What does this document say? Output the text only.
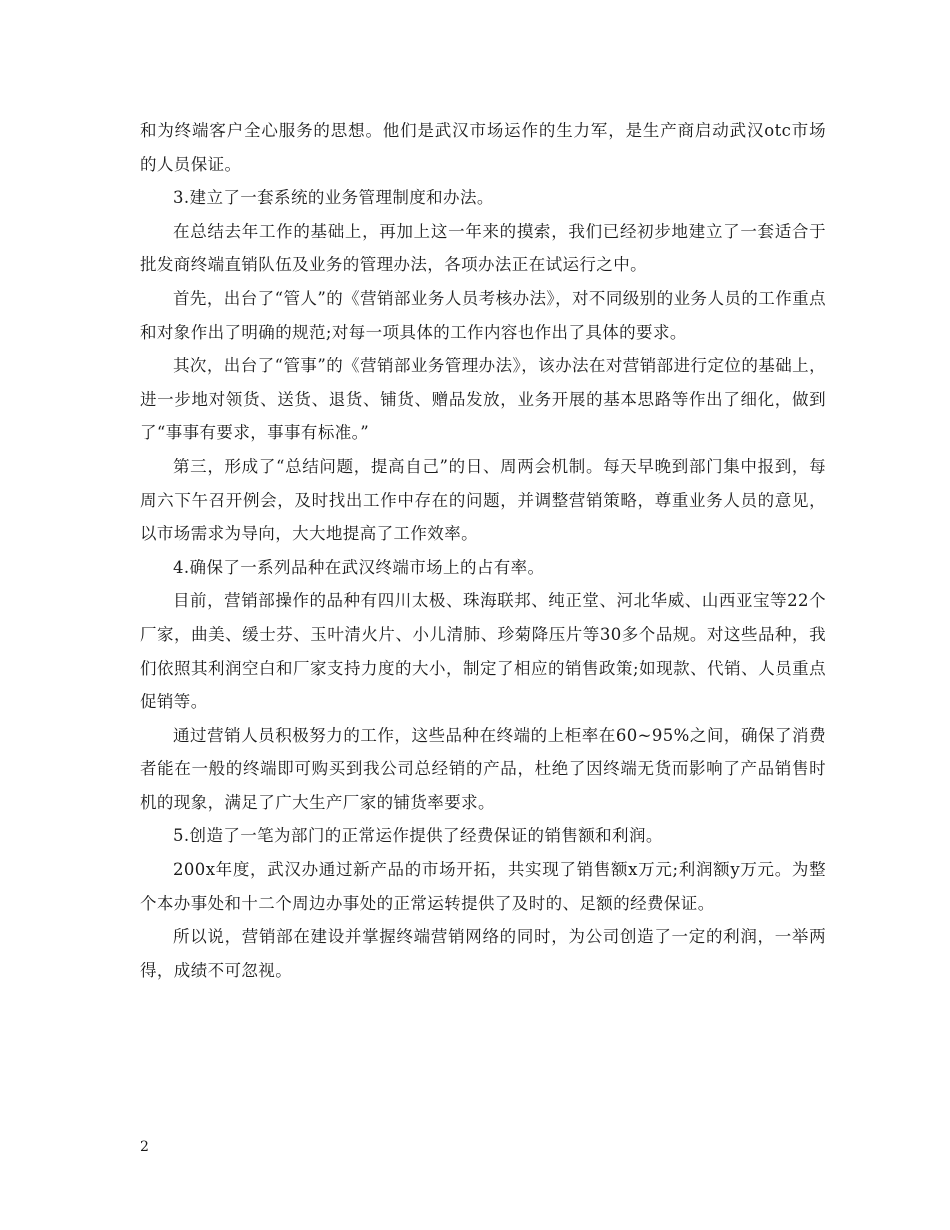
和为终端客户全心服务的思想。他们是武汉市场运作的生力军，是生产商启动武汉otc市场的人员保证。

3.建立了一套系统的业务管理制度和办法。

在总结去年工作的基础上，再加上这一年来的摸索，我们已经初步地建立了一套适合于批发商终端直销队伍及业务的管理办法，各项办法正在试运行之中。

首先，出台了“管人”的《营销部业务人员考核办法》，对不同级别的业务人员的工作重点和对象作出了明确的规范;对每一项具体的工作内容也作出了具体的要求。

其次，出台了“管事”的《营销部业务管理办法》，该办法在对营销部进行定位的基础上，进一步地对领货、送货、退货、铺货、赠品发放，业务开展的基本思路等作出了细化，做到了“事事有要求，事事有标准。”

第三，形成了“总结问题，提高自己”的日、周两会机制。每天早晚到部门集中报到，每周六下午召开例会，及时找出工作中存在的问题，并调整营销策略，尊重业务人员的意见，以市场需求为导向，大大地提高了工作效率。

4.确保了一系列品种在武汉终端市场上的占有率。

目前，营销部操作的品种有四川太极、珠海联邦、纯正堂、河北华威、山西亚宝等22个厂家，曲美、缓士芬、玉叶清火片、小儿清肺、珍菊降压片等30多个品规。对这些品种，我们依照其利润空白和厂家支持力度的大小，制定了相应的销售政策;如现款、代销、人员重点促销等。

通过营销人员积极努力的工作，这些品种在终端的上柜率在60~95%之间，确保了消费者能在一般的终端即可购买到我公司总经销的产品，杜绝了因终端无货而影响了产品销售时机的现象，满足了广大生产厂家的铺货率要求。

5.创造了一笔为部门的正常运作提供了经费保证的销售额和利润。

200x年度，武汉办通过新产品的市场开拓，共实现了销售额x万元;利润额y万元。为整个本办事处和十二个周边办事处的正常运转提供了及时的、足额的经费保证。

所以说，营销部在建设并掌握终端营销网络的同时，为公司创造了一定的利润，一举两得，成绩不可忽视。

2
